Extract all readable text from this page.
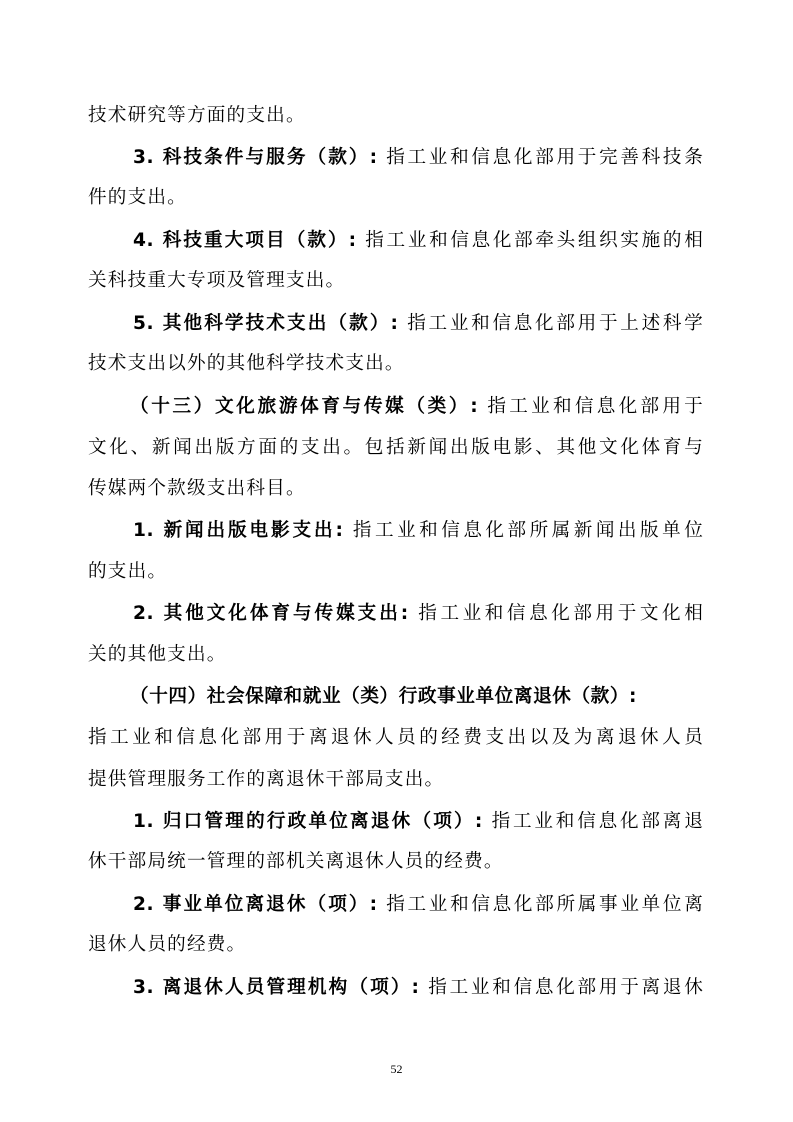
技术研究等方面的支出。
3. 科技条件与服务（款）: 指工业和信息化部用于完善科技条
件的支出。
4. 科技重大项目（款）: 指工业和信息化部牵头组织实施的相
关科技重大专项及管理支出。
5. 其他科学技术支出（款）: 指工业和信息化部用于上述科学
技术支出以外的其他科学技术支出。
（十三）文化旅游体育与传媒（类）: 指工业和信息化部用于
文化、新闻出版方面的支出。包括新闻出版电影、其他文化体育与
传媒两个款级支出科目。
1. 新闻出版电影支出: 指工业和信息化部所属新闻出版单位
的支出。
2. 其他文化体育与传媒支出: 指工业和信息化部用于文化相
关的其他支出。
（十四）社会保障和就业（类）行政事业单位离退休（款）:
指工业和信息化部用于离退休人员的经费支出以及为离退休人员
提供管理服务工作的离退休干部局支出。
1. 归口管理的行政单位离退休（项）: 指工业和信息化部离退
休干部局统一管理的部机关离退休人员的经费。
2. 事业单位离退休（项）: 指工业和信息化部所属事业单位离
退休人员的经费。
3. 离退休人员管理机构（项）: 指工业和信息化部用于离退休
52
